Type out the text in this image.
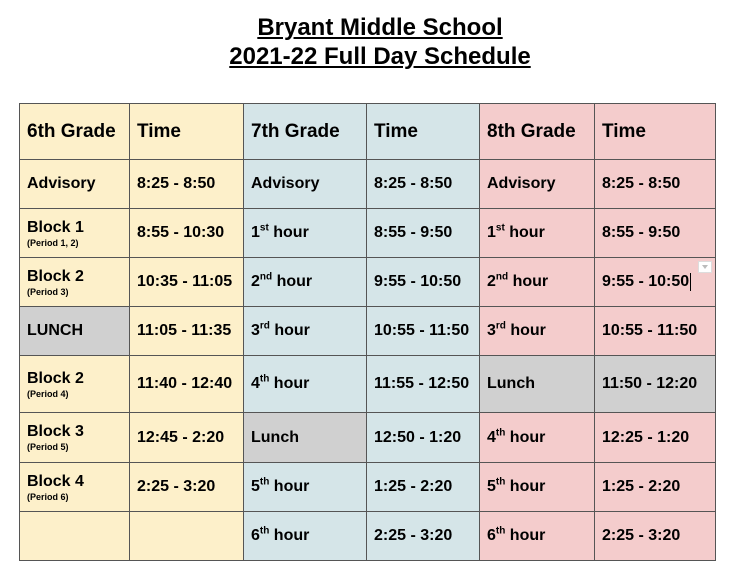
Bryant Middle School
2021-22 Full Day Schedule
6th Grade	Time	7th Grade	Time	8th Grade	Time
Advisory	8:25 - 8:50	Advisory	8:25 - 8:50	Advisory	8:25 - 8:50
Block 1
(Period 1, 2)	8:55 - 10:30	1st hour	8:55 - 9:50	1st hour	8:55 - 9:50
Block 2
(Period 3)	10:35 - 11:05	2nd hour	9:55 - 10:50	2nd hour	9:55 - 10:50

LUNCH	11:05 - 11:35	3rd hour	10:55 - 11:50	3rd hour	10:55 - 11:50
Block 2
(Period 4)	11:40 - 12:40	4th hour	11:55 - 12:50	Lunch	11:50 - 12:20
Block 3
(Period 5)	12:45 - 2:20	Lunch	12:50 - 1:20	4th hour	12:25 - 1:20
Block 4
(Period 6)	2:25 - 3:20	5th hour	1:25 - 2:20	5th hour	1:25 - 2:20
		6th hour	2:25 - 3:20	6th hour	2:25 - 3:20
